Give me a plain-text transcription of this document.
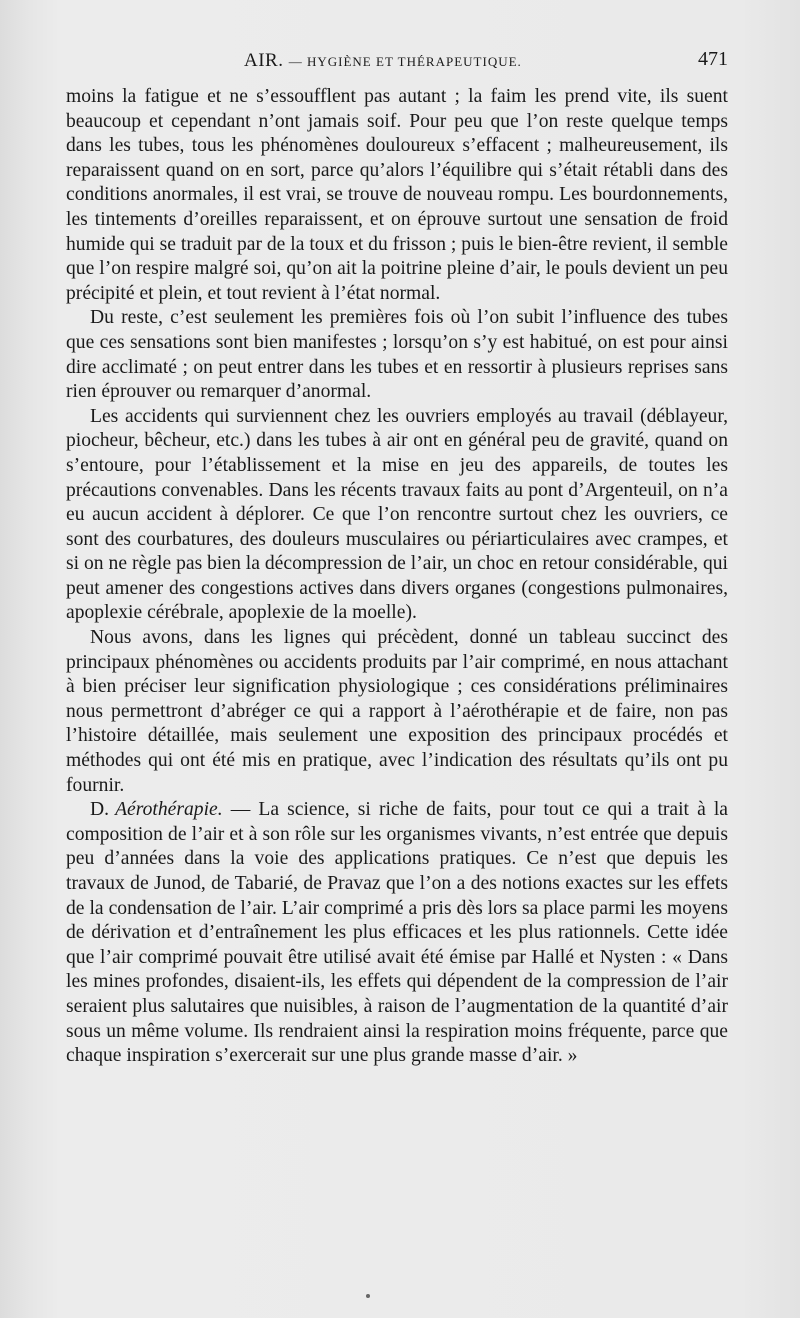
AIR. — HYGIÈNE ET THÉRAPEUTIQUE.	471

moins la fatigue et ne s’essoufflent pas autant ; la faim les prend vite, ils suent beaucoup et cependant n’ont jamais soif. Pour peu que l’on reste quelque temps dans les tubes, tous les phénomènes douloureux s’effacent ; malheureusement, ils reparaissent quand on en sort, parce qu’alors l’équilibre qui s’était rétabli dans des conditions anormales, il est vrai, se trouve de nouveau rompu. Les bourdonnements, les tintements d’oreilles reparaissent, et on éprouve surtout une sensation de froid humide qui se traduit par de la toux et du frisson ; puis le bien-être revient, il semble que l’on respire malgré soi, qu’on ait la poitrine pleine d’air, le pouls devient un peu précipité et plein, et tout revient à l’état normal.

Du reste, c’est seulement les premières fois où l’on subit l’influence des tubes que ces sensations sont bien manifestes ; lorsqu’on s’y est habitué, on est pour ainsi dire acclimaté ; on peut entrer dans les tubes et en ressortir à plusieurs reprises sans rien éprouver ou remarquer d’anormal.

Les accidents qui surviennent chez les ouvriers employés au travail (déblayeur, piocheur, bêcheur, etc.) dans les tubes à air ont en général peu de gravité, quand on s’entoure, pour l’établissement et la mise en jeu des appareils, de toutes les précautions convenables. Dans les récents travaux faits au pont d’Argenteuil, on n’a eu aucun accident à déplorer. Ce que l’on rencontre surtout chez les ouvriers, ce sont des courbatures, des douleurs musculaires ou périarticulaires avec crampes, et si on ne règle pas bien la décompression de l’air, un choc en retour considérable, qui peut amener des congestions actives dans divers organes (congestions pulmonaires, apoplexie cérébrale, apoplexie de la moelle).

Nous avons, dans les lignes qui précèdent, donné un tableau succinct des principaux phénomènes ou accidents produits par l’air comprimé, en nous attachant à bien préciser leur signification physiologique ; ces considérations préliminaires nous permettront d’abréger ce qui a rapport à l’aérothérapie et de faire, non pas l’histoire détaillée, mais seulement une exposition des principaux procédés et méthodes qui ont été mis en pratique, avec l’indication des résultats qu’ils ont pu fournir.

D. Aérothérapie. — La science, si riche de faits, pour tout ce qui a trait à la composition de l’air et à son rôle sur les organismes vivants, n’est entrée que depuis peu d’années dans la voie des applications pratiques. Ce n’est que depuis les travaux de Junod, de Tabarié, de Pravaz que l’on a des notions exactes sur les effets de la condensation de l’air. L’air comprimé a pris dès lors sa place parmi les moyens de dérivation et d’entraînement les plus efficaces et les plus rationnels. Cette idée que l’air comprimé pouvait être utilisé avait été émise par Hallé et Nysten : « Dans les mines profondes, disaient-ils, les effets qui dépendent de la compression de l’air seraient plus salutaires que nuisibles, à raison de l’augmentation de la quantité d’air sous un même volume. Ils rendraient ainsi la respiration moins fréquente, parce que chaque inspiration s’exercerait sur une plus grande masse d’air. »
